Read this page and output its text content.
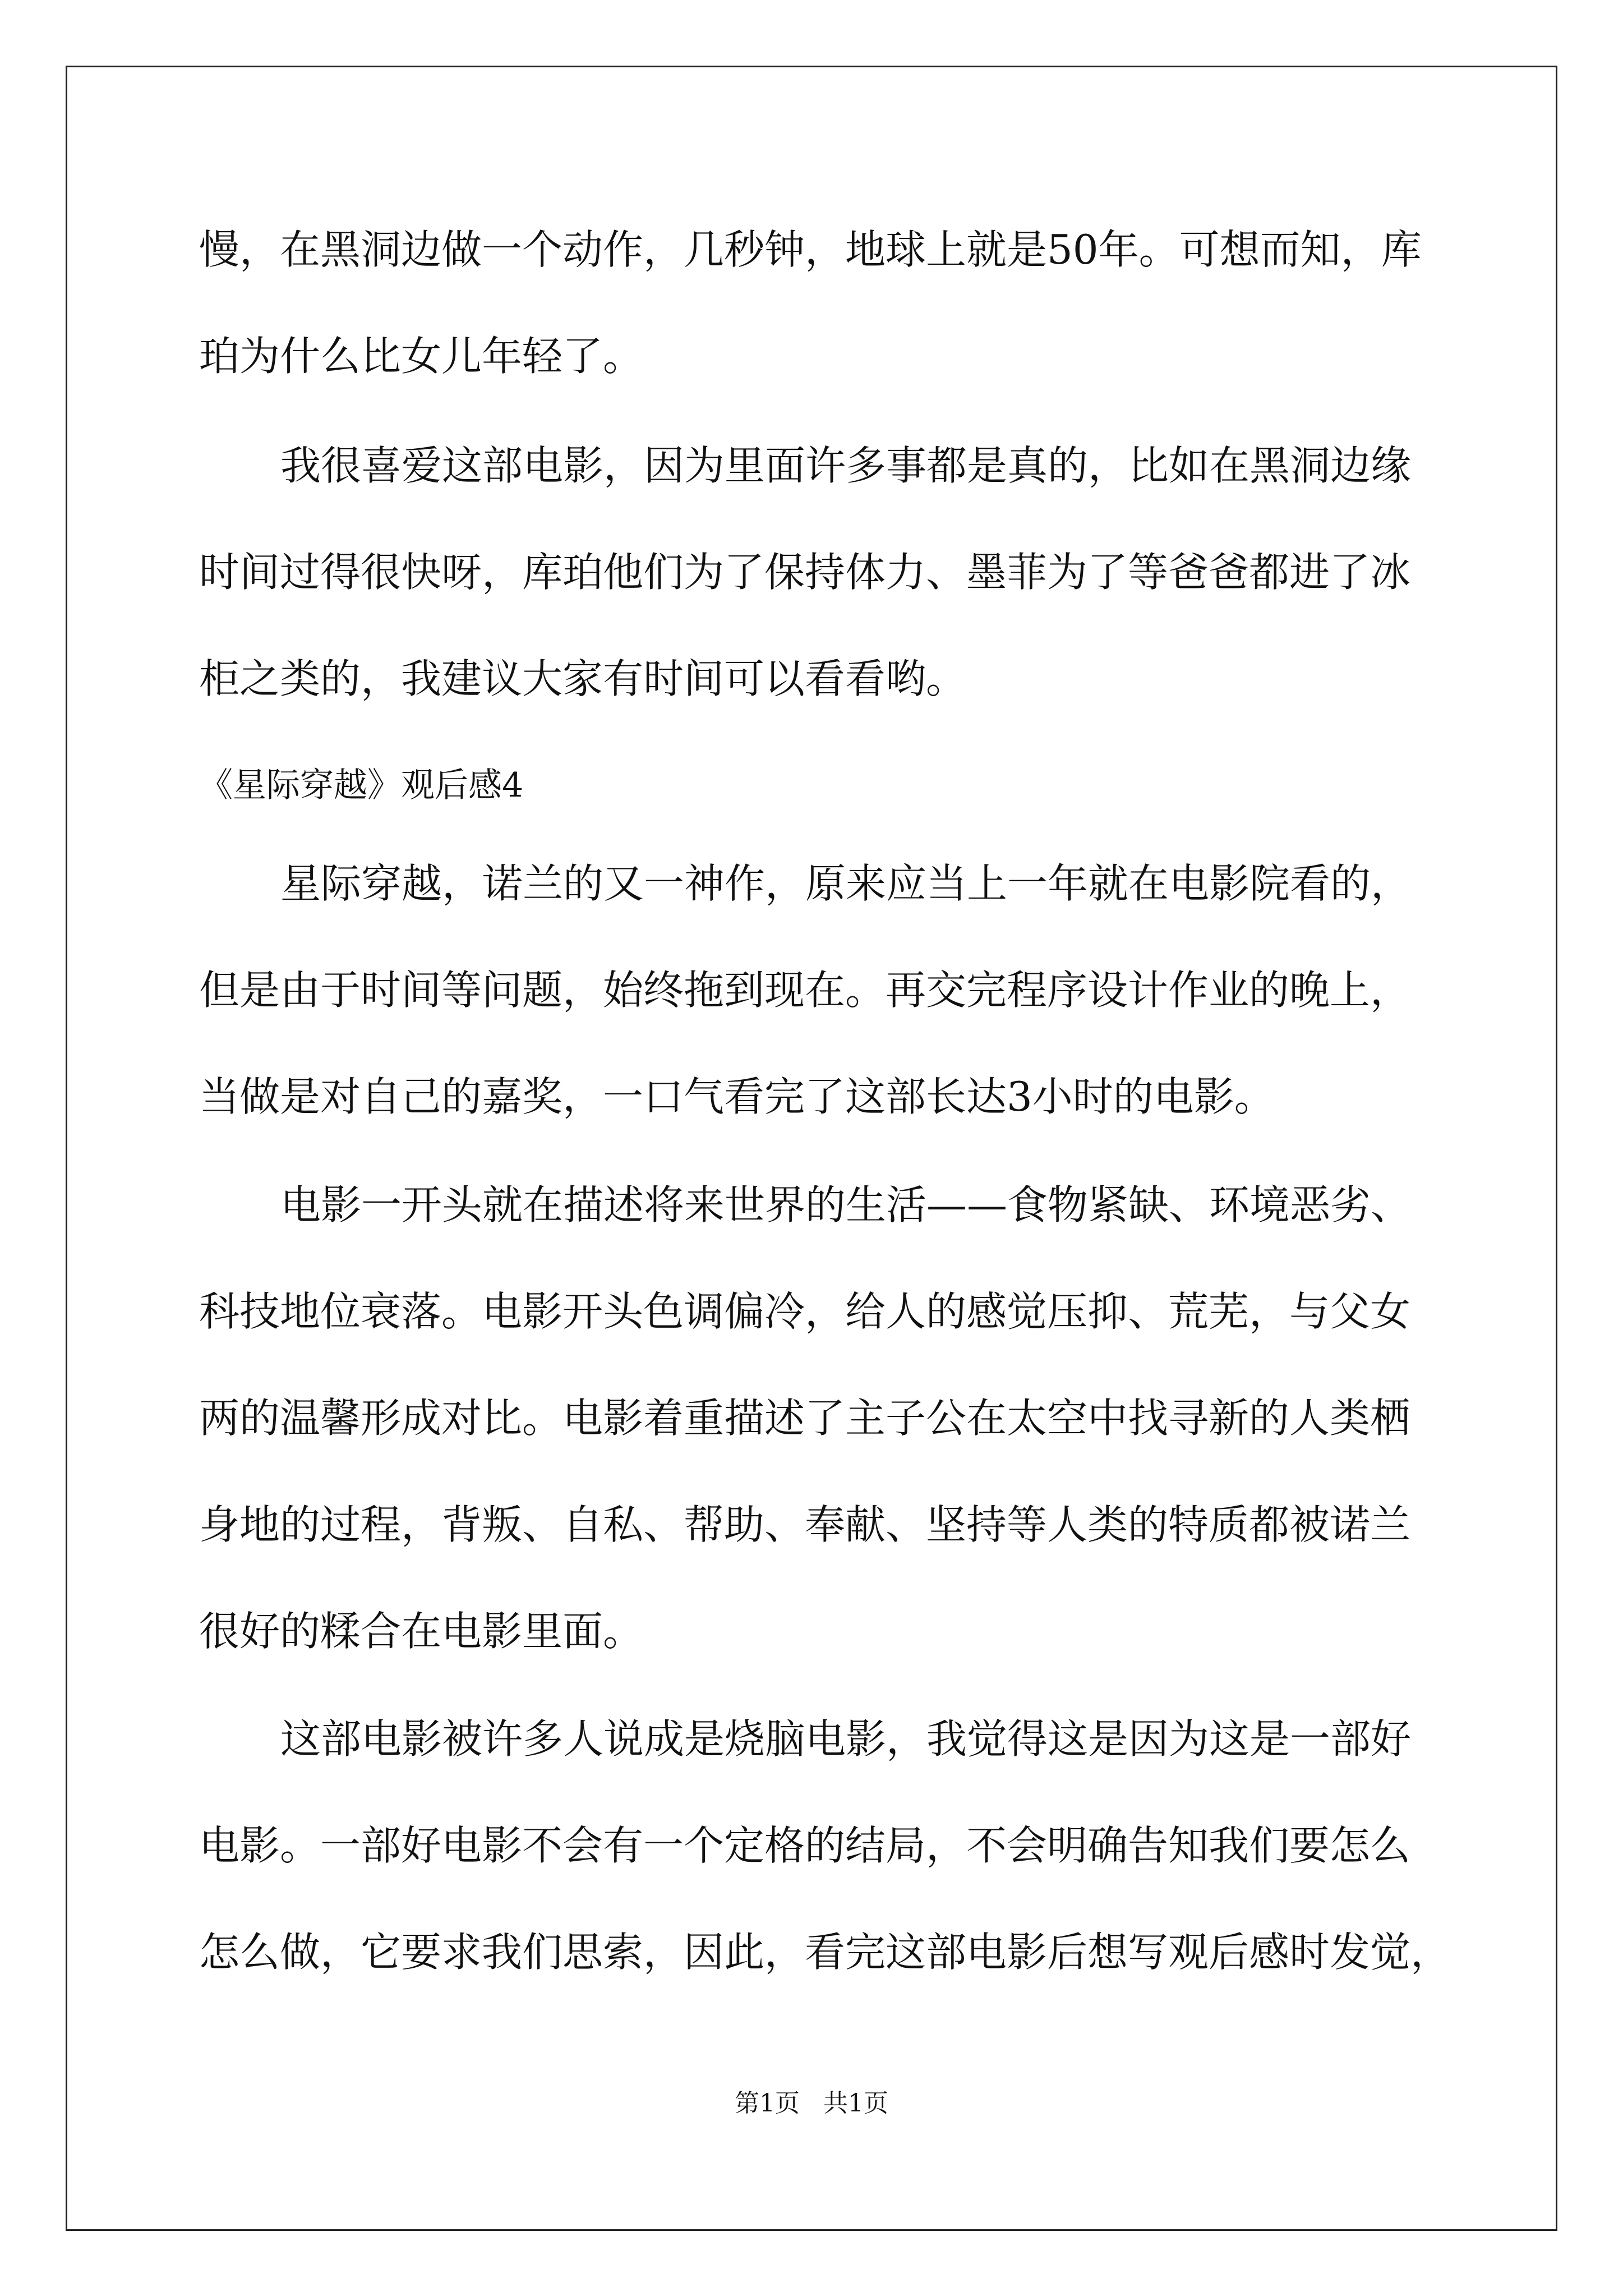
慢，在黑洞边做一个动作，几秒钟，地球上就是50年。可想而知，库
珀为什么比女儿年轻了。
我很喜爱这部电影，因为里面许多事都是真的，比如在黑洞边缘
时间过得很快呀，库珀他们为了保持体力、墨菲为了等爸爸都进了冰
柜之类的，我建议大家有时间可以看看哟。
《星际穿越》观后感4
星际穿越，诺兰的又一神作，原来应当上一年就在电影院看的，
但是由于时间等问题，始终拖到现在。再交完程序设计作业的晚上，
当做是对自己的嘉奖，一口气看完了这部长达3小时的电影。
电影一开头就在描述将来世界的生活——食物紧缺、环境恶劣、
科技地位衰落。电影开头色调偏冷，给人的感觉压抑、荒芜，与父女
两的温馨形成对比。电影着重描述了主子公在太空中找寻新的人类栖
身地的过程，背叛、自私、帮助、奉献、坚持等人类的特质都被诺兰
很好的糅合在电影里面。
这部电影被许多人说成是烧脑电影，我觉得这是因为这是一部好
电影。一部好电影不会有一个定格的结局，不会明确告知我们要怎么
怎么做，它要求我们思索，因此，看完这部电影后想写观后感时发觉，
第1页   共1页
